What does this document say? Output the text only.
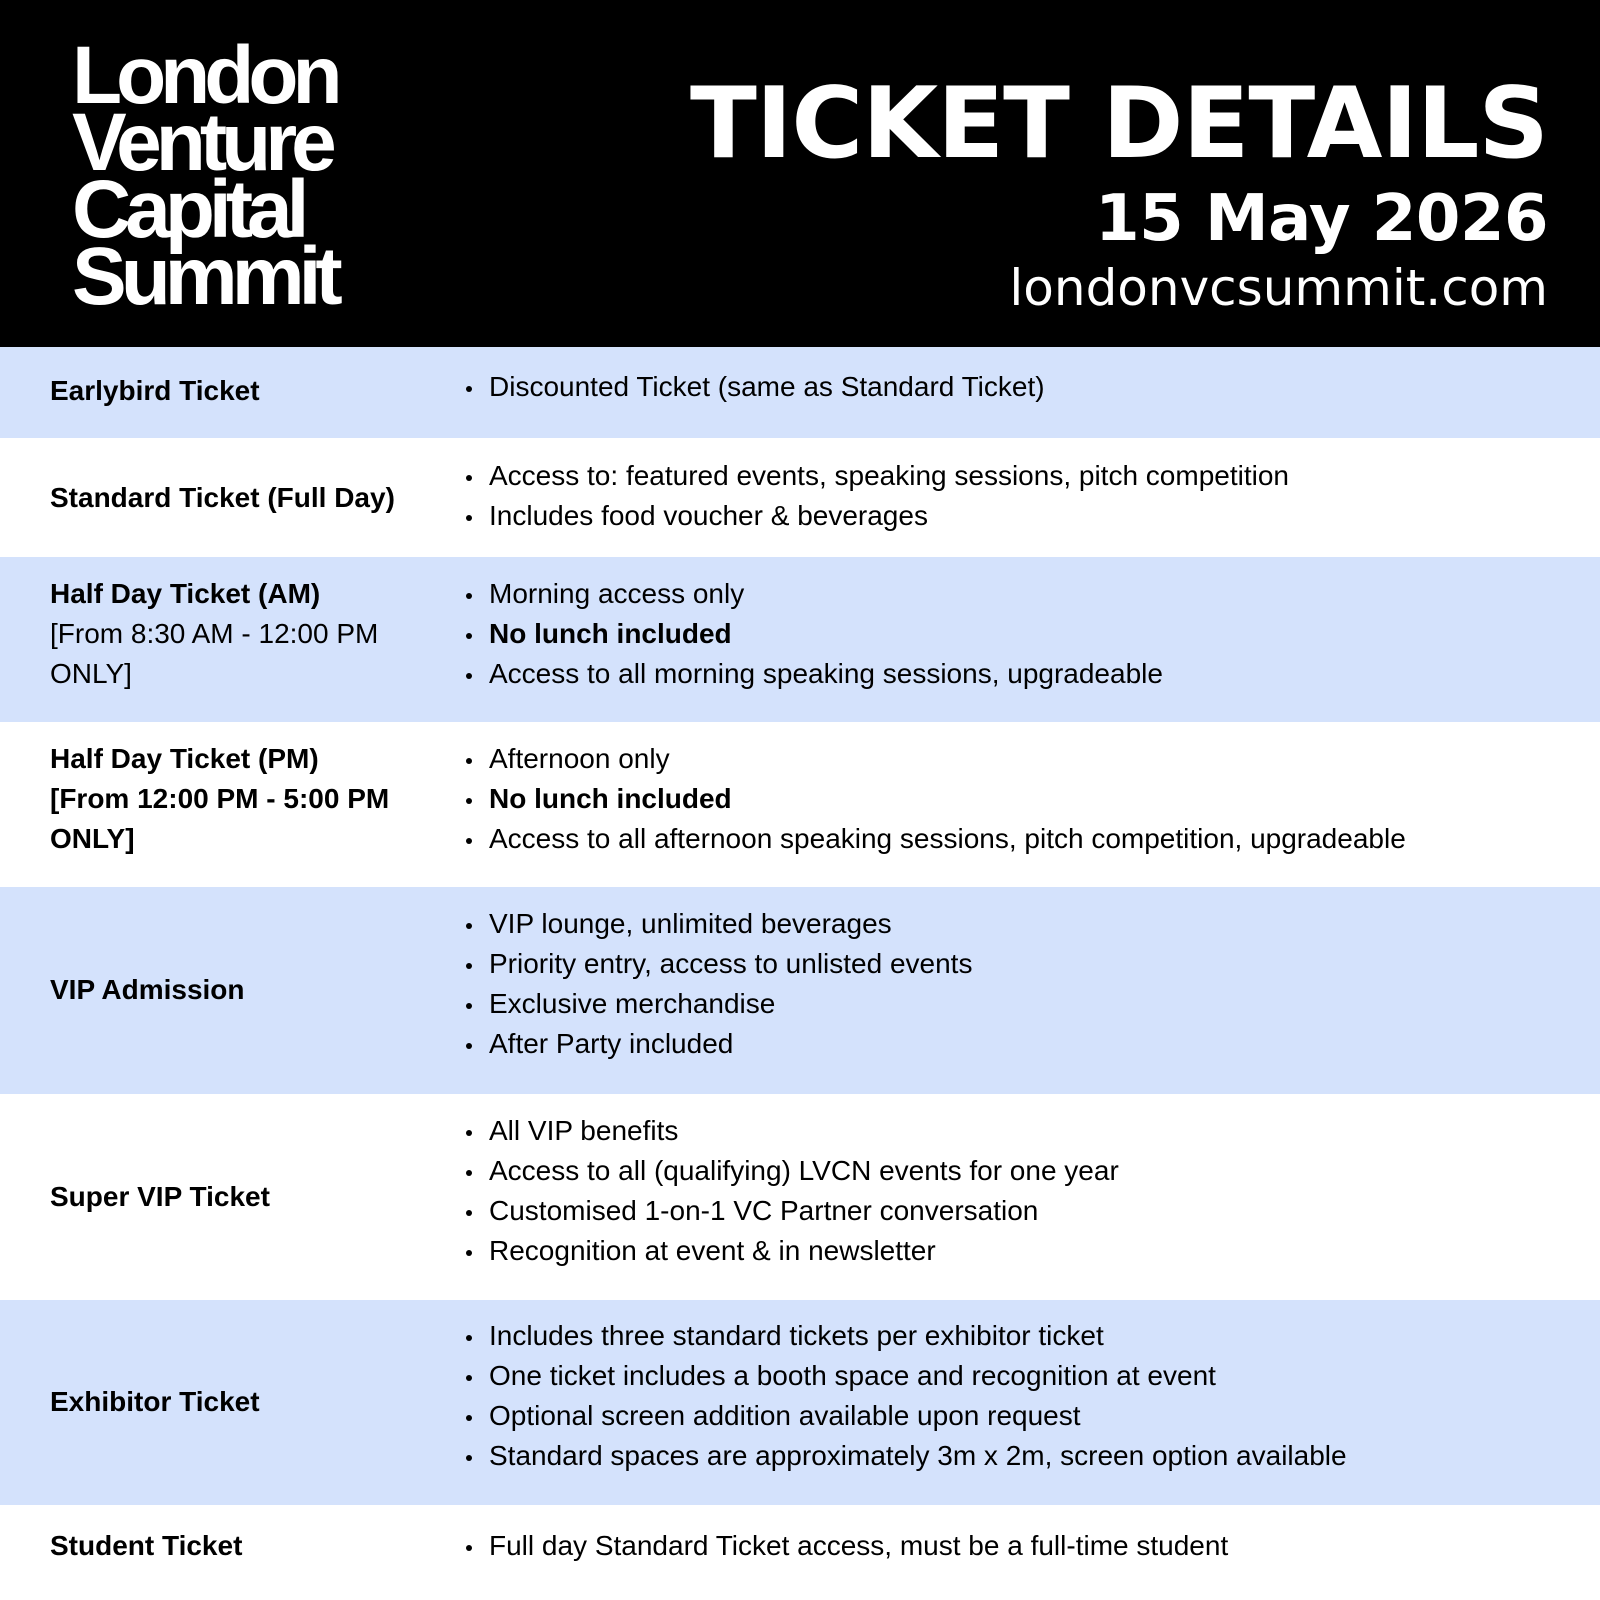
London
Venture
Capital
Summit
TICKET DETAILS
15 May 2026
londonvcsummit.com
Earlybird Ticket	Discounted Ticket (same as Standard Ticket)
Standard Ticket (Full Day)
Access to: featured events, speaking sessions, pitch competition
Includes food voucher & beverages
Half Day Ticket (AM)
[From 8:30 AM - 12:00 PM
ONLY]
Morning access only
No lunch included
Access to all morning speaking sessions, upgradeable
Half Day Ticket (PM)
[From 12:00 PM - 5:00 PM
ONLY]
Afternoon only
No lunch included
Access to all afternoon speaking sessions, pitch competition, upgradeable
VIP Admission
VIP lounge, unlimited beverages
Priority entry, access to unlisted events
Exclusive merchandise
After Party included
Super VIP Ticket
All VIP benefits
Access to all (qualifying) LVCN events for one year
Customised 1-on-1 VC Partner conversation
Recognition at event & in newsletter
Exhibitor Ticket
Includes three standard tickets per exhibitor ticket
One ticket includes a booth space and recognition at event
Optional screen addition available upon request
Standard spaces are approximately 3m x 2m, screen option available
Student Ticket	Full day Standard Ticket access, must be a full-time student
